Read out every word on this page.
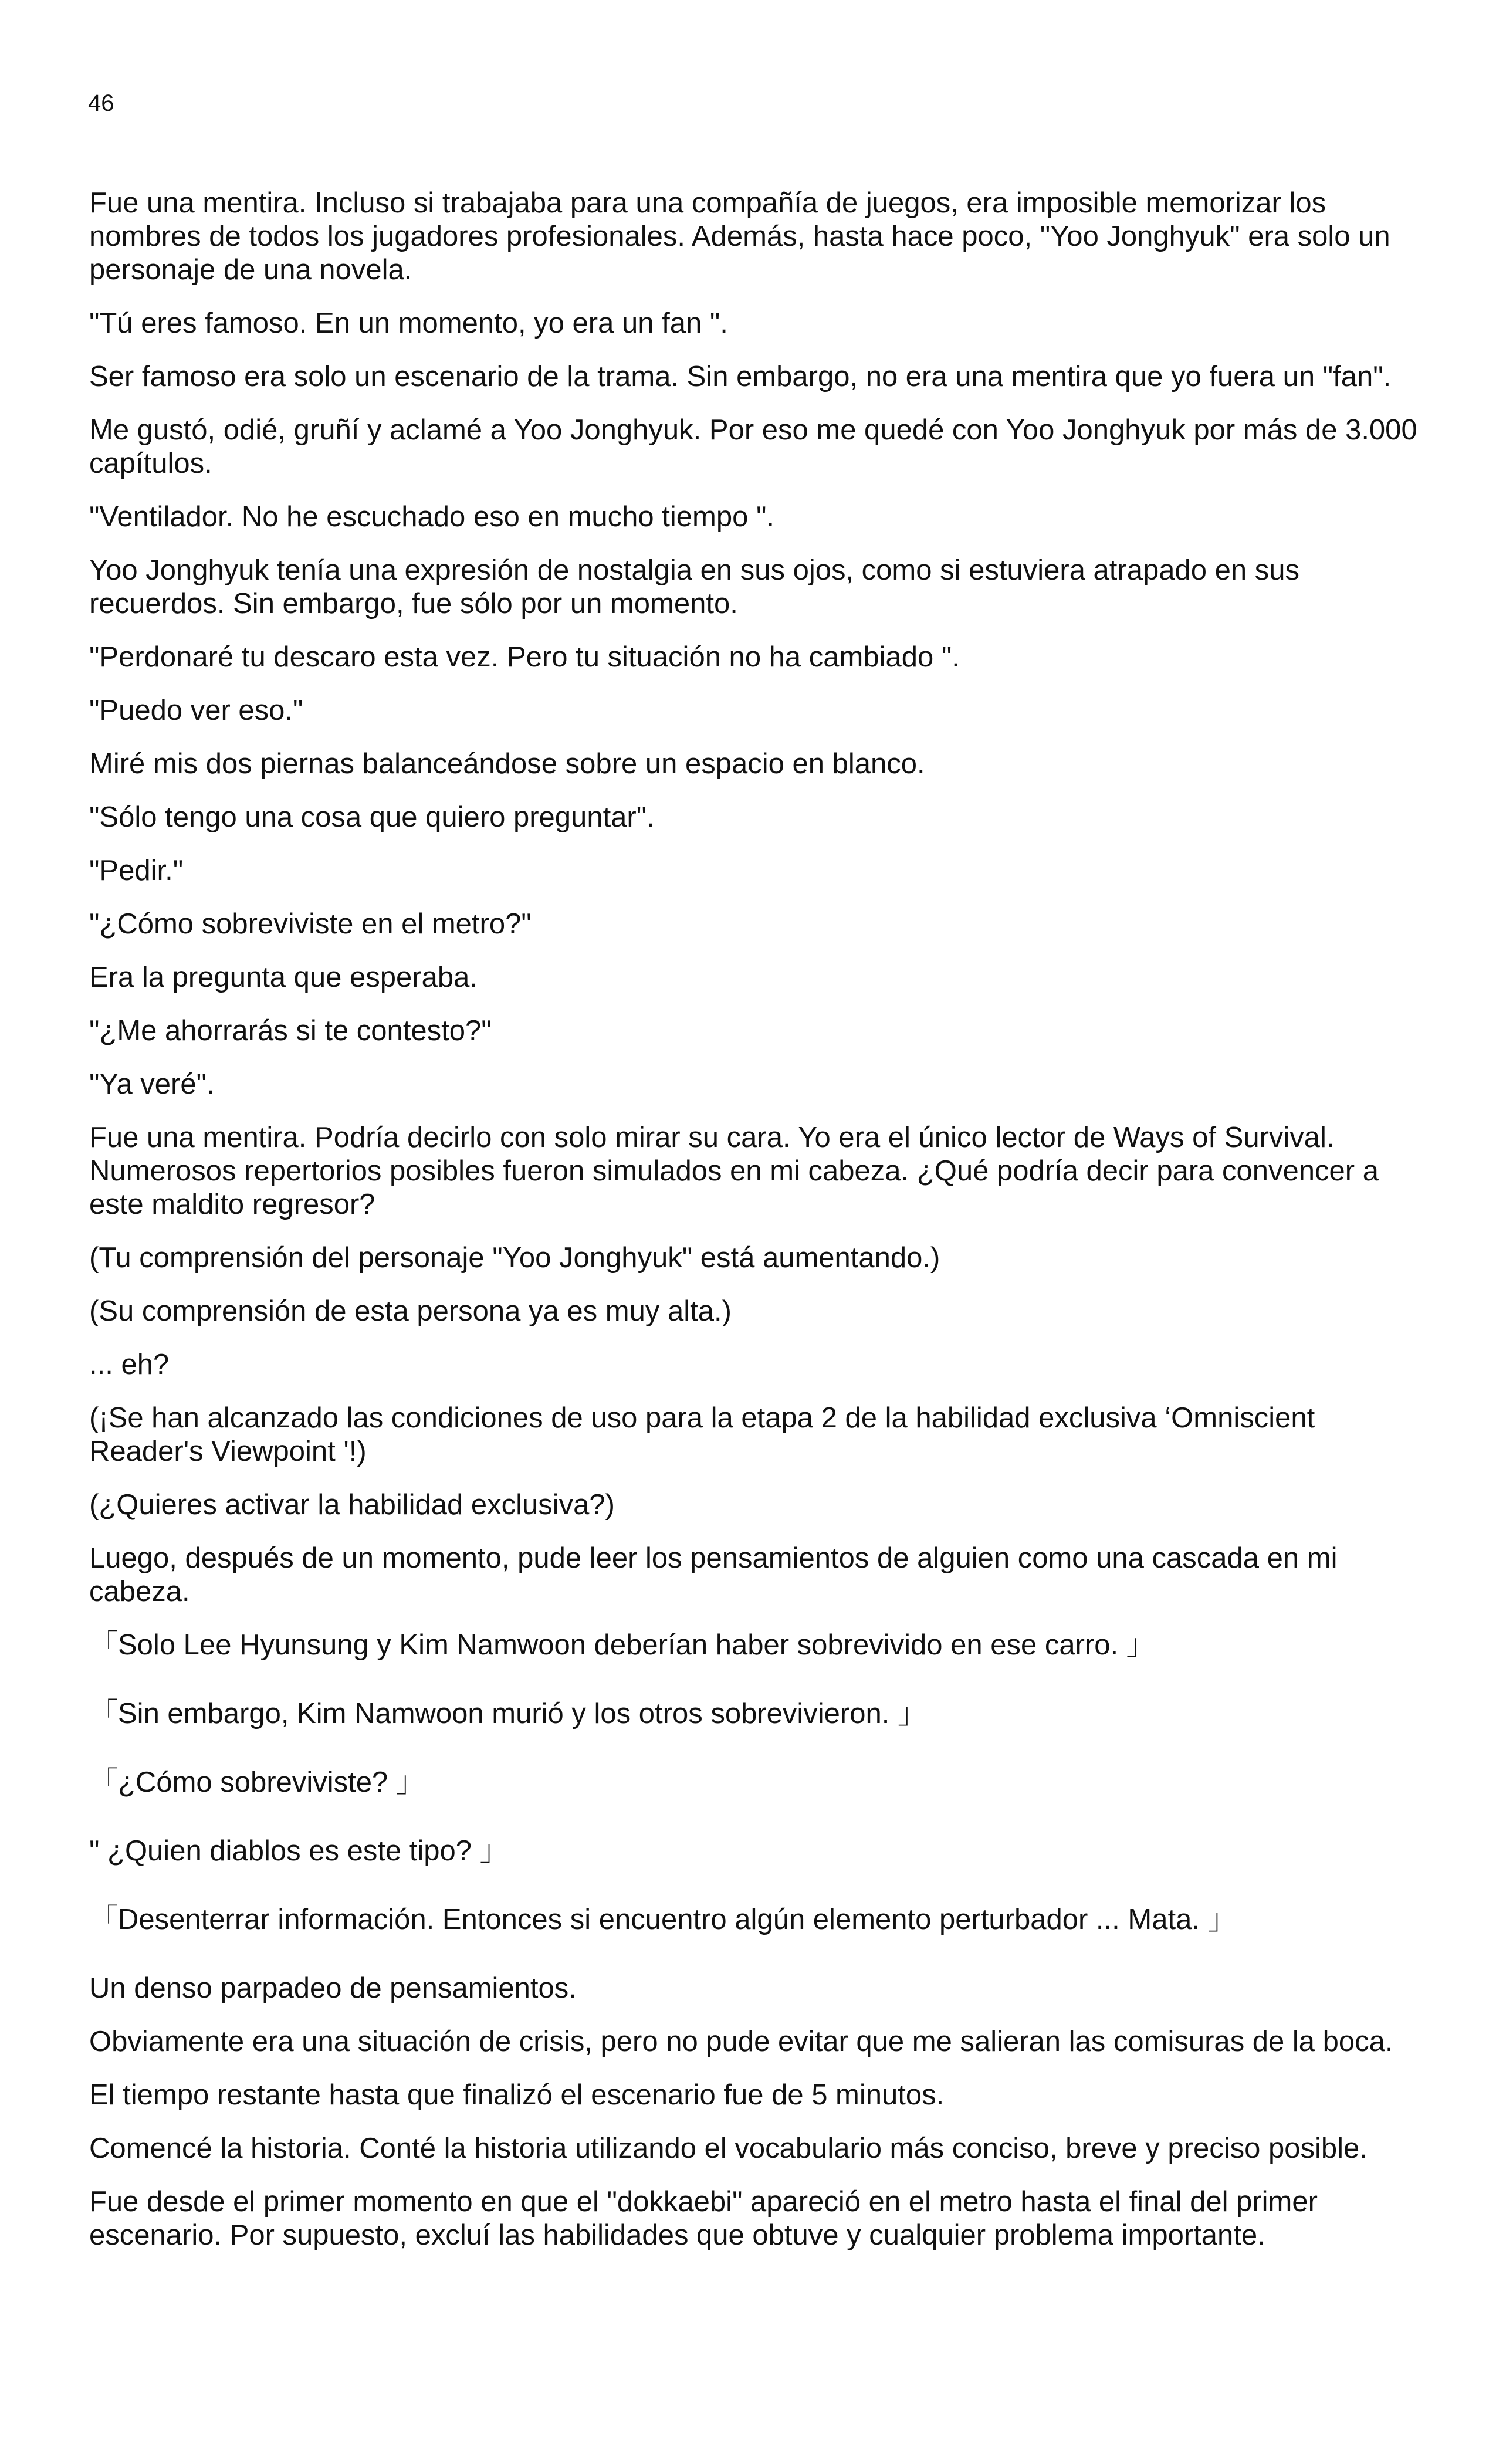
46

Fue una mentira. Incluso si trabajaba para una compañía de juegos, era imposible memorizar los nombres de todos los jugadores profesionales. Además, hasta hace poco, "Yoo Jonghyuk" era solo un personaje de una novela.

"Tú eres famoso. En un momento, yo era un fan ".

Ser famoso era solo un escenario de la trama. Sin embargo, no era una mentira que yo fuera un "fan".

Me gustó, odié, gruñí y aclamé a Yoo Jonghyuk. Por eso me quedé con Yoo Jonghyuk por más de 3.000 capítulos.

"Ventilador. No he escuchado eso en mucho tiempo ".

Yoo Jonghyuk tenía una expresión de nostalgia en sus ojos, como si estuviera atrapado en sus recuerdos. Sin embargo, fue sólo por un momento.

"Perdonaré tu descaro esta vez. Pero tu situación no ha cambiado ".

"Puedo ver eso."

Miré mis dos piernas balanceándose sobre un espacio en blanco.

"Sólo tengo una cosa que quiero preguntar".

"Pedir."

"¿Cómo sobreviviste en el metro?"

Era la pregunta que esperaba.

"¿Me ahorrarás si te contesto?"

"Ya veré".

Fue una mentira. Podría decirlo con solo mirar su cara. Yo era el único lector de Ways of Survival. Numerosos repertorios posibles fueron simulados en mi cabeza. ¿Qué podría decir para convencer a este maldito regresor?

(Tu comprensión del personaje "Yoo Jonghyuk" está aumentando.)

(Su comprensión de esta persona ya es muy alta.)

... eh?

(¡Se han alcanzado las condiciones de uso para la etapa 2 de la habilidad exclusiva ‘Omniscient Reader's Viewpoint '!)

(¿Quieres activar la habilidad exclusiva?)

Luego, después de un momento, pude leer los pensamientos de alguien como una cascada en mi cabeza.

「Solo Lee Hyunsung y Kim Namwoon deberían haber sobrevivido en ese carro. 」

「Sin embargo, Kim Namwoon murió y los otros sobrevivieron. 」

「¿Cómo sobreviviste? 」

" ¿Quien diablos es este tipo? 」

「Desenterrar información. Entonces si encuentro algún elemento perturbador ... Mata. 」

Un denso parpadeo de pensamientos.

Obviamente era una situación de crisis, pero no pude evitar que me salieran las comisuras de la boca.

El tiempo restante hasta que finalizó el escenario fue de 5 minutos.

Comencé la historia. Conté la historia utilizando el vocabulario más conciso, breve y preciso posible.

Fue desde el primer momento en que el "dokkaebi" apareció en el metro hasta el final del primer escenario. Por supuesto, excluí las habilidades que obtuve y cualquier problema importante.
